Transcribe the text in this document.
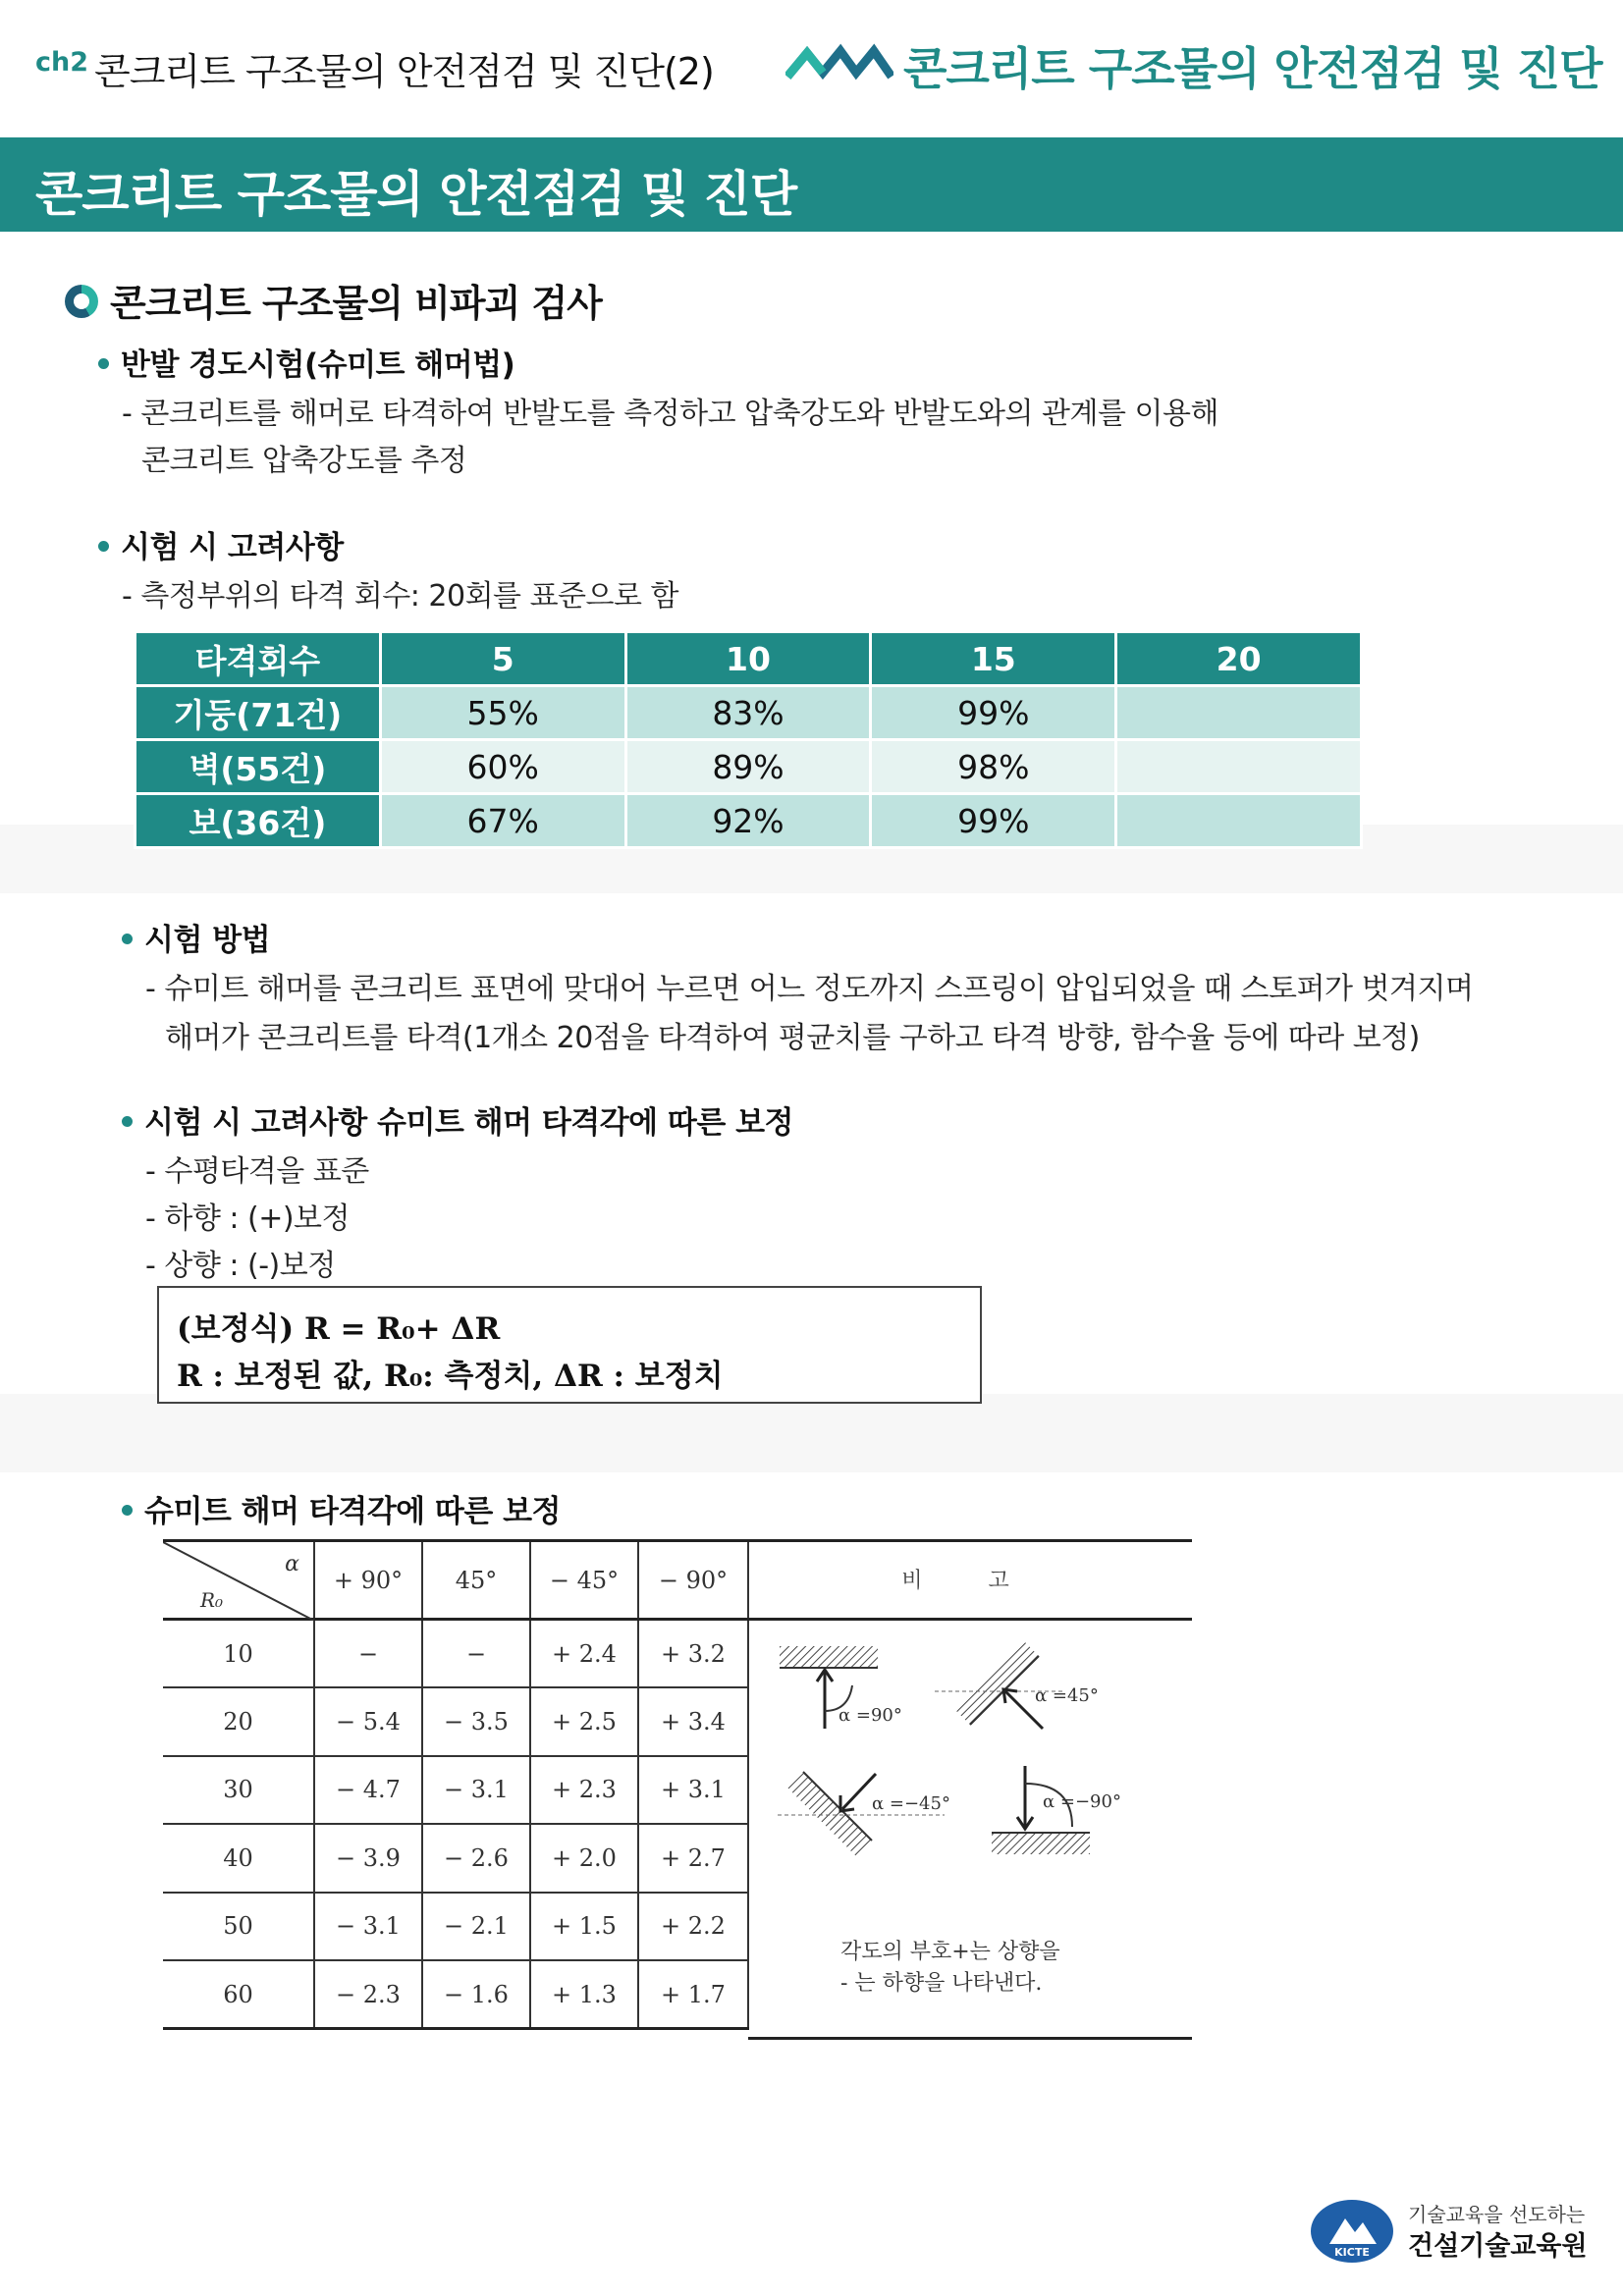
ch2 콘크리트 구조물의 안전점검 및 진단(2)	콘크리트 구조물의 안전점검 및 진단
콘크리트 구조물의 안전점검 및 진단
콘크리트 구조물의 비파괴 검사
반발 경도시험(슈미트 해머법)
- 콘크리트를 해머로 타격하여 반발도를 측정하고 압축강도와 반발도와의 관계를 이용해
콘크리트 압축강도를 추정
시험 시 고려사항
- 측정부위의 타격 회수: 20회를 표준으로 함
타격회수	5	10	15	20
기둥(71건)	55%	83%	99%	
벽(55건)	60%	89%	98%	
보(36건)	67%	92%	99%	
시험 방법
- 슈미트 해머를 콘크리트 표면에 맞대어 누르면 어느 정도까지 스프링이 압입되었을 때 스토퍼가 벗겨지며
해머가 콘크리트를 타격(1개소 20점을 타격하여 평균치를 구하고 타격 방향, 함수율 등에 따라 보정)
시험 시 고려사항 슈미트 해머 타격각에 따른 보정
- 수평타격을 표준
- 하향 : (+)보정
- 상향 : (-)보정
(보정식) R = R₀+ ΔR
R : 보정된 값, R₀: 측정치, ΔR : 보정치
슈미트 해머 타격각에 따른 보정
α
R₀	+ 90°	45°	− 45°	− 90°
10	−	−	+ 2.4	+ 3.2
20	− 5.4	− 3.5	+ 2.5	+ 3.4
30	− 4.7	− 3.1	+ 2.3	+ 3.1
40	− 3.9	− 2.6	+ 2.0	+ 2.7
50	− 3.1	− 2.1	+ 1.5	+ 2.2
60	− 2.3	− 1.6	+ 1.3	+ 1.7
비 고
α =90°
α =45°
α =−45°	α =−90°
각도의 부호+는 상향을
- 는 하향을 나타낸다.
KICTE
기술교육을 선도하는
건설기술교육원
